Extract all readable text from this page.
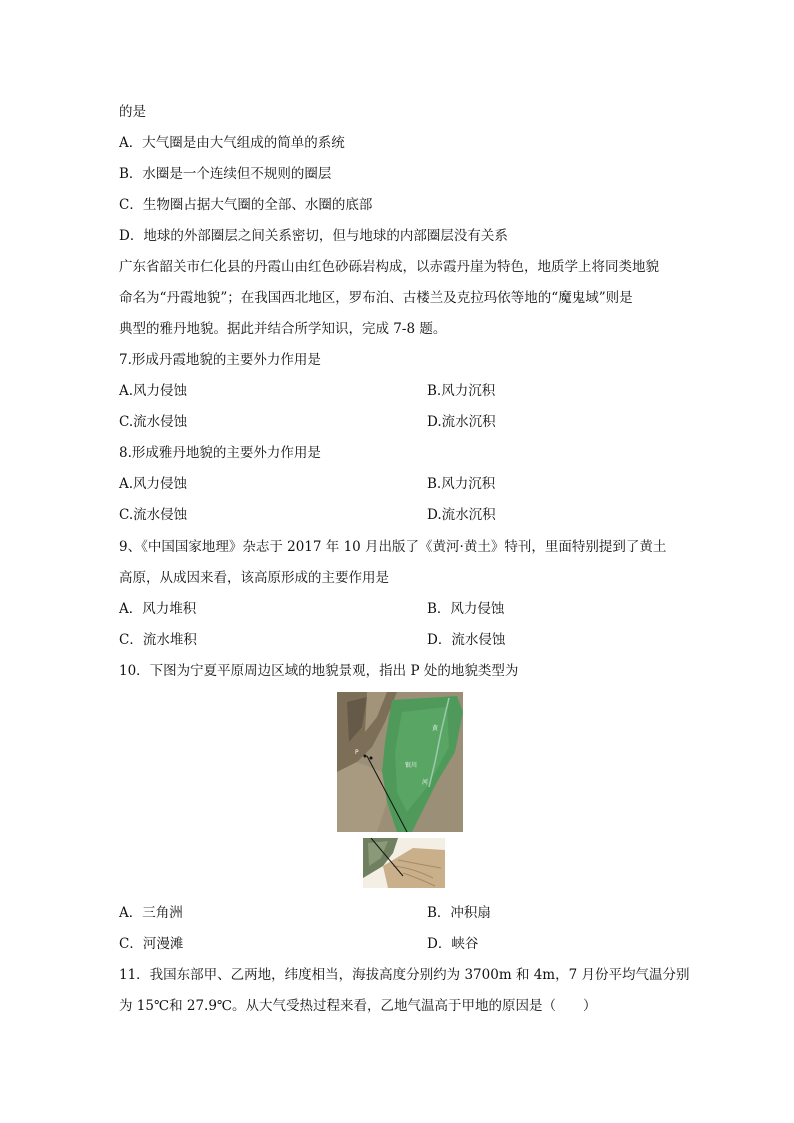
的是
A．大气圈是由大气组成的简单的系统
B．水圈是一个连续但不规则的圈层
C．生物圈占据大气圈的全部、水圈的底部
D．地球的外部圈层之间关系密切，但与地球的内部圈层没有关系
广东省韶关市仁化县的丹霞山由红色砂砾岩构成，以赤霞丹崖为特色，地质学上将同类地貌
命名为“丹霞地貌”；在我国西北地区，罗布泊、古楼兰及克拉玛依等地的“魔鬼域”则是
典型的雅丹地貌。据此并结合所学知识，完成 7-8 题。
7.形成丹霞地貌的主要外力作用是
A.风力侵蚀	B.风力沉积
C.流水侵蚀	D.流水沉积
8.形成雅丹地貌的主要外力作用是
A.风力侵蚀	B.风力沉积
C.流水侵蚀	D.流水沉积
9、《中国国家地理》杂志于 2017 年 10 月出版了《黄河·黄土》特刊，里面特别提到了黄土
高原，从成因来看，该高原形成的主要作用是
A．风力堆积	B．风力侵蚀
C．流水堆积	D．流水侵蚀
10．下图为宁夏平原周边区域的地貌景观，指出 P 处的地貌类型为
黄
银川
河
P
A．三角洲	B．冲积扇
C．河漫滩	D．峡谷
11．我国东部甲、乙两地，纬度相当，海拔高度分别约为 3700m 和 4m，7 月份平均气温分别
为 15℃和 27.9℃。从大气受热过程来看，乙地气温高于甲地的原因是（　　）
